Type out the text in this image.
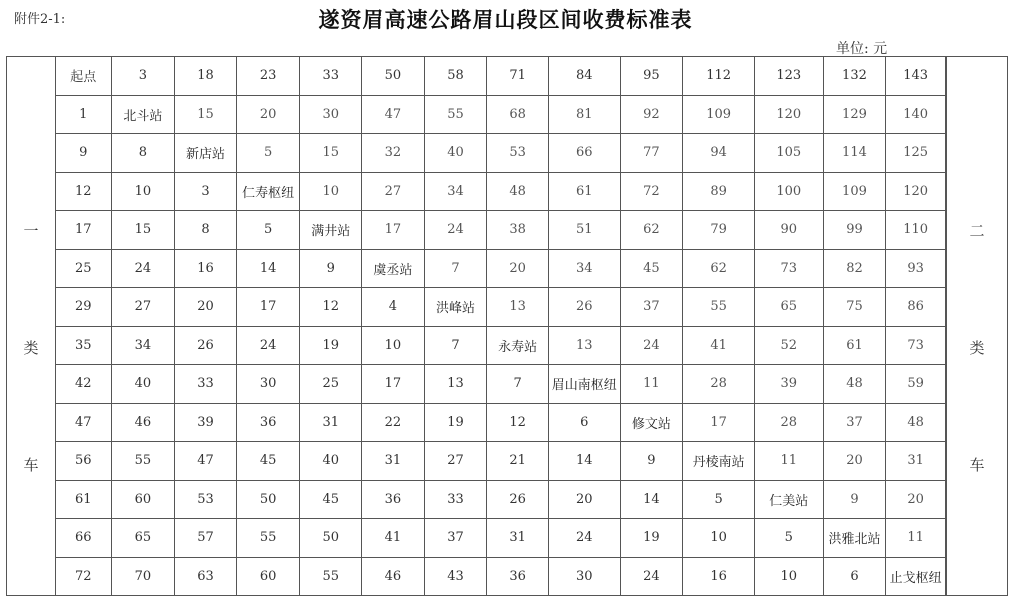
附件2-1:	遂资眉高速公路眉山段区间收费标准表
单位: 元
一
类
车
起点	3	18	23	33	50	58	71	84	95	112	123	132	143
1	北斗站	15	20	30	47	55	68	81	92	109	120	129	140
9	8	新店站	5	15	32	40	53	66	77	94	105	114	125
12	10	3	仁寿枢纽	10	27	34	48	61	72	89	100	109	120
17	15	8	5	满井站	17	24	38	51	62	79	90	99	110
25	24	16	14	9	虞丞站	7	20	34	45	62	73	82	93
29	27	20	17	12	4	洪峰站	13	26	37	55	65	75	86
35	34	26	24	19	10	7	永寿站	13	24	41	52	61	73
42	40	33	30	25	17	13	7	眉山南枢纽	11	28	39	48	59
47	46	39	36	31	22	19	12	6	修文站	17	28	37	48
56	55	47	45	40	31	27	21	14	9	丹棱南站	11	20	31
61	60	53	50	45	36	33	26	20	14	5	仁美站	9	20
66	65	57	55	50	41	37	31	24	19	10	5	洪雅北站	11
72	70	63	60	55	46	43	36	30	24	16	10	6	止戈枢纽
二
类
车
